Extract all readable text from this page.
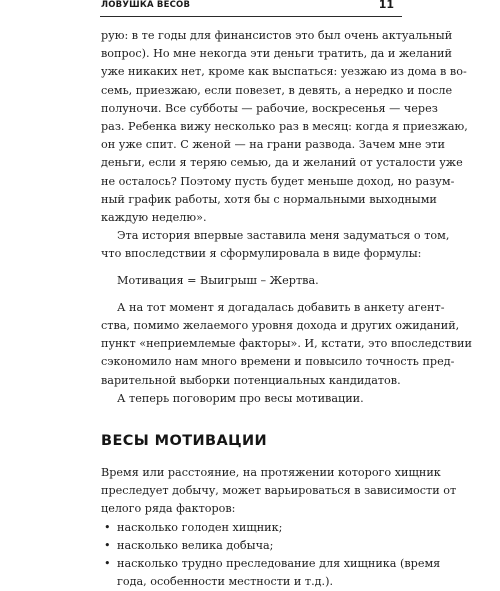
ЛОВУШКА ВЕСОВ	11

рую: в те годы для финансистов это был очень актуальный
вопрос). Но мне некогда эти деньги тратить, да и желаний
уже никаких нет, кроме как выспаться: уезжаю из дома в во-
семь, приезжаю, если повезет, в девять, а нередко и после
полуночи. Все субботы — рабочие, воскресенья — через
раз. Ребенка вижу несколько раз в месяц: когда я приезжаю,
он уже спит. С женой — на грани развода. Зачем мне эти
деньги, если я теряю семью, да и желаний от усталости уже
не осталось? Поэтому пусть будет меньше доход, но разум-
ный график работы, хотя бы с нормальными выходными
каждую неделю».

Эта история впервые заставила меня задуматься о том,
что впоследствии я сформулировала в виде формулы:

Мотивация = Выигрыш – Жертва.

А на тот момент я догадалась добавить в анкету агент-
ства, помимо желаемого уровня дохода и других ожиданий,
пункт «неприемлемые факторы». И, кстати, это впоследствии
сэкономило нам много времени и повысило точность пред-
варительной выборки потенциальных кандидатов.

А теперь поговорим про весы мотивации.

ВЕСЫ МОТИВАЦИИ

Время или расстояние, на протяжении которого хищник
преследует добычу, может варьироваться в зависимости от
целого ряда факторов:

• насколько голоден хищник;
• насколько велика добыча;
• насколько трудно преследование для хищника (время
года, особенности местности и т.д.).
